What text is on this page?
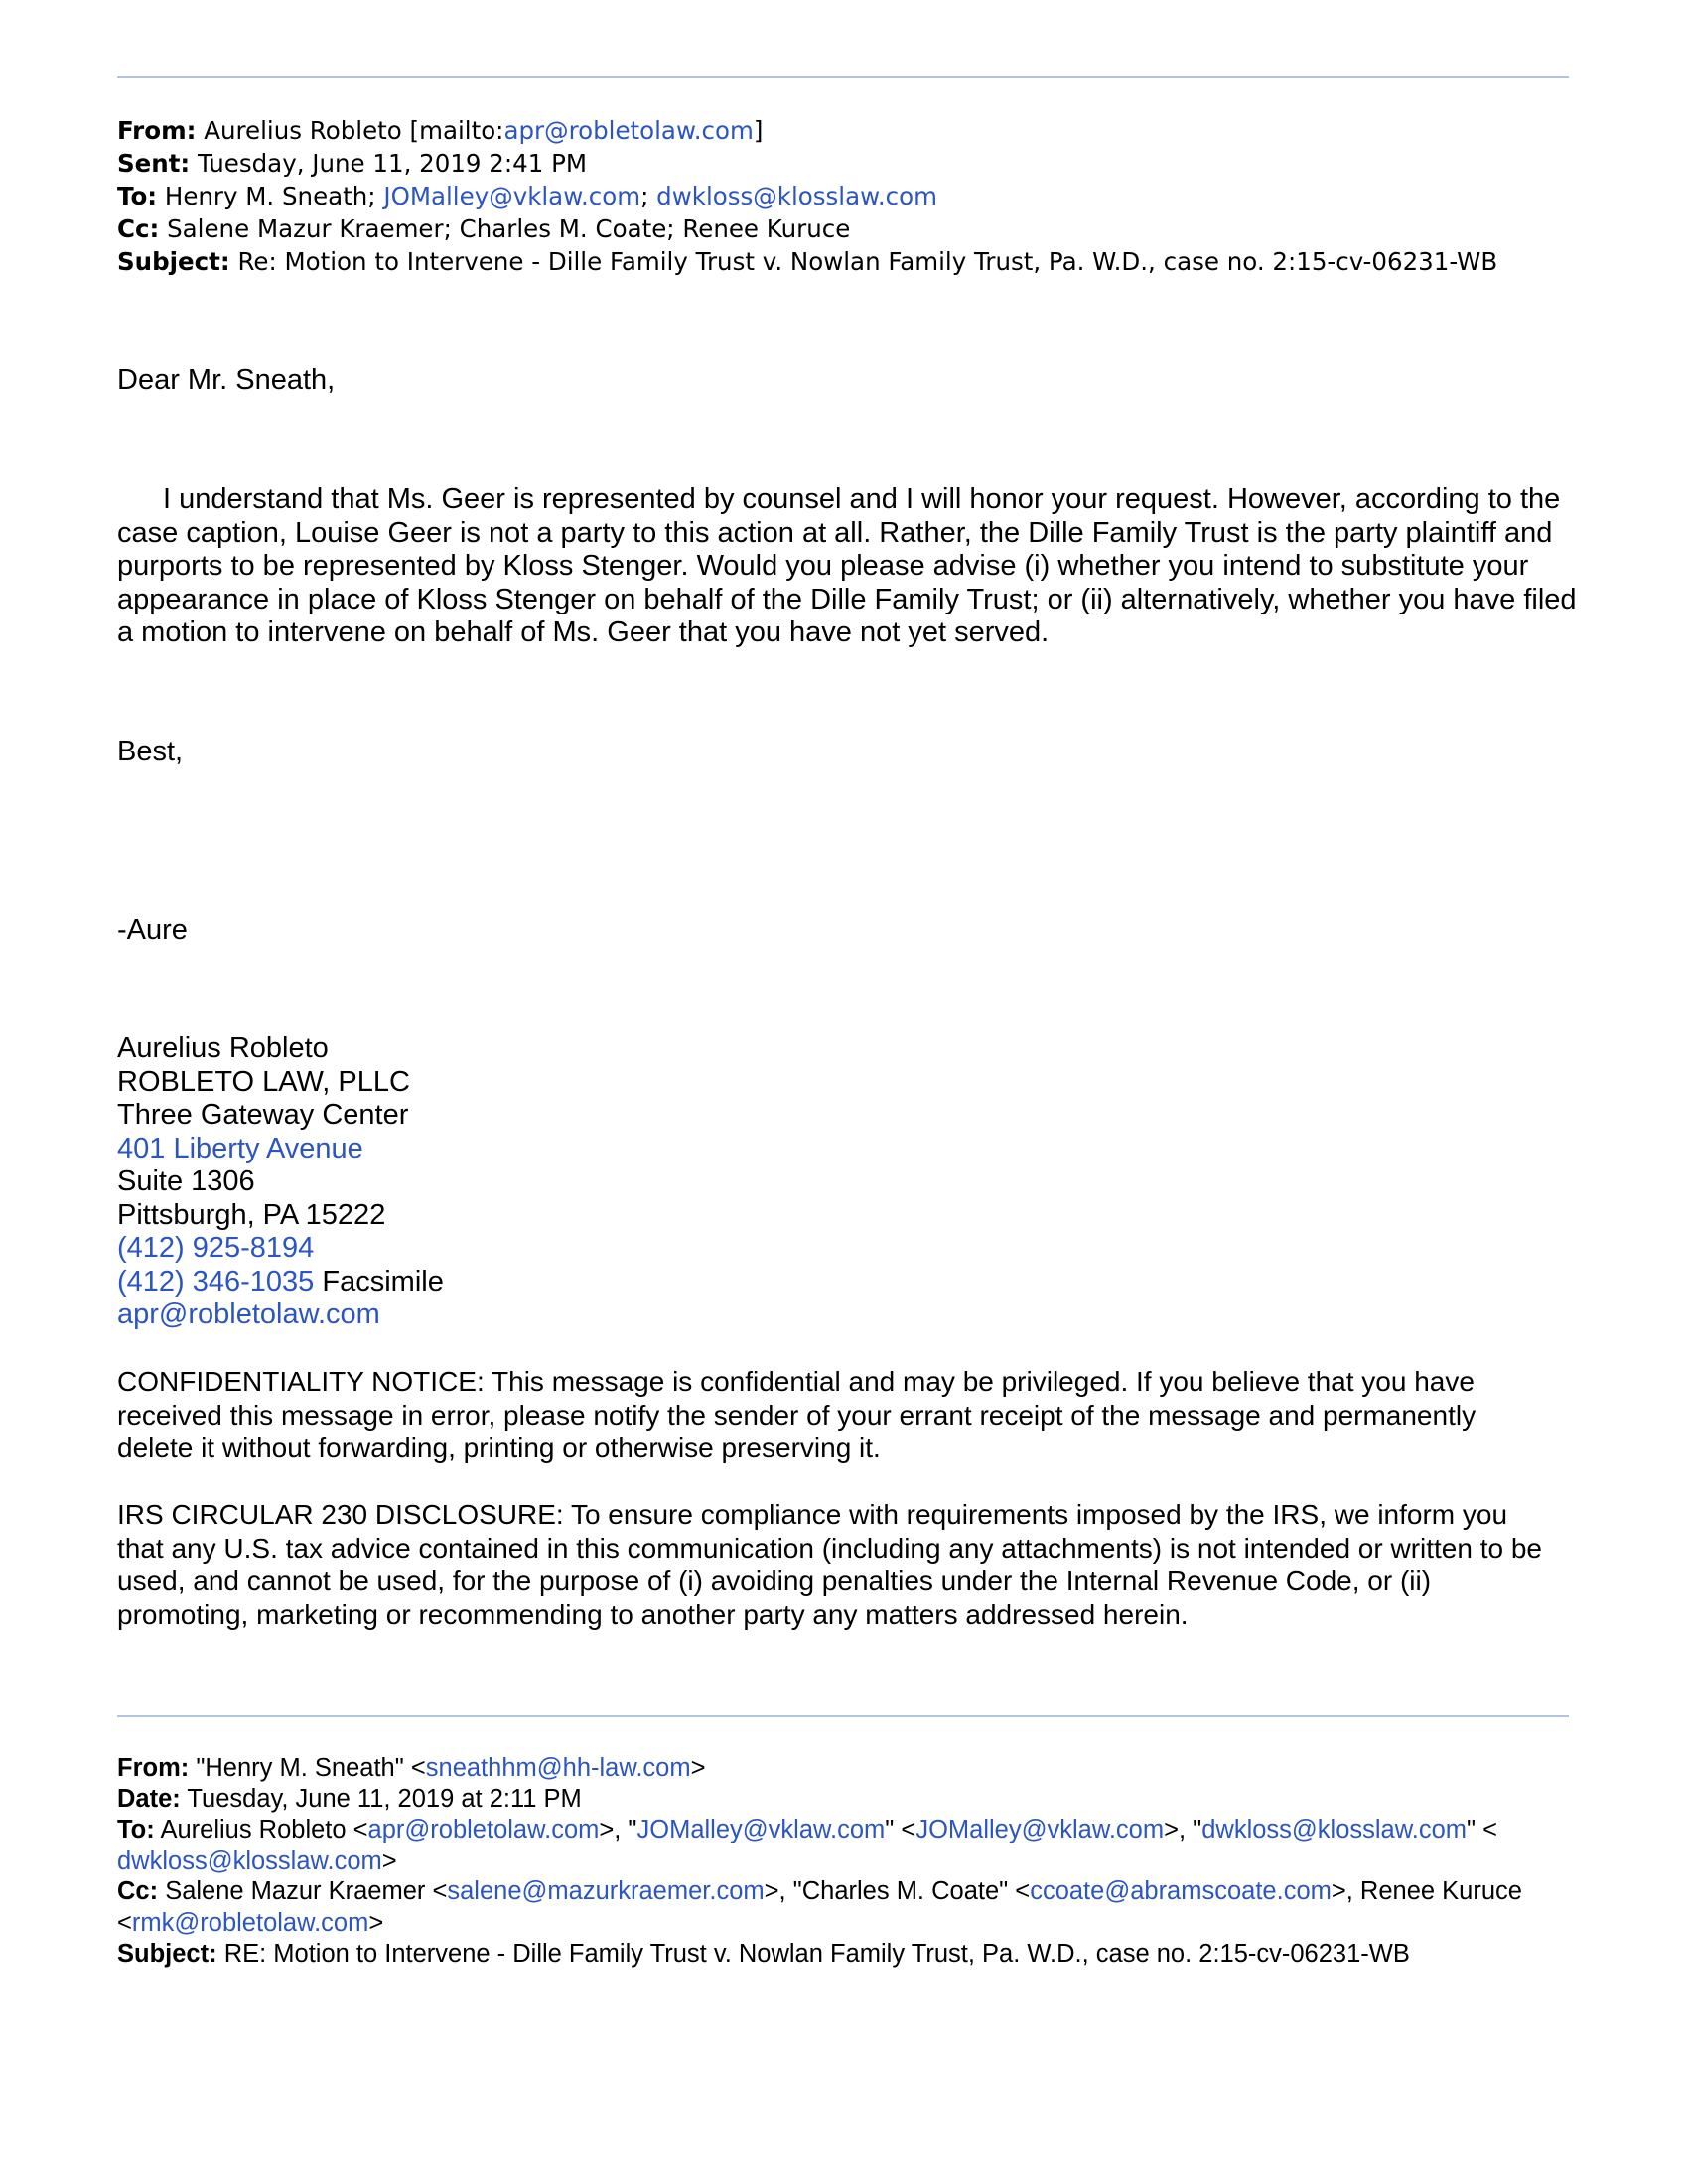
From: Aurelius Robleto [mailto:apr@robletolaw.com]
Sent: Tuesday, June 11, 2019 2:41 PM
To: Henry M. Sneath; JOMalley@vklaw.com; dwkloss@klosslaw.com
Cc: Salene Mazur Kraemer; Charles M. Coate; Renee Kuruce
Subject: Re: Motion to Intervene - Dille Family Trust v. Nowlan Family Trust, Pa. W.D., case no. 2:15-cv-06231-WB
Dear Mr. Sneath,
I understand that Ms. Geer is represented by counsel and I will honor your request. However, according to the case caption, Louise Geer is not a party to this action at all. Rather, the Dille Family Trust is the party plaintiff and purports to be represented by Kloss Stenger. Would you please advise (i) whether you intend to substitute your appearance in place of Kloss Stenger on behalf of the Dille Family Trust; or (ii) alternatively, whether you have filed a motion to intervene on behalf of Ms. Geer that you have not yet served.
Best,
-Aure
Aurelius Robleto
ROBLETO LAW, PLLC
Three Gateway Center
401 Liberty Avenue
Suite 1306
Pittsburgh, PA 15222
(412) 925-8194
(412) 346-1035 Facsimile
apr@robletolaw.com
CONFIDENTIALITY NOTICE: This message is confidential and may be privileged. If you believe that you have received this message in error, please notify the sender of your errant receipt of the message and permanently delete it without forwarding, printing or otherwise preserving it.
IRS CIRCULAR 230 DISCLOSURE: To ensure compliance with requirements imposed by the IRS, we inform you that any U.S. tax advice contained in this communication (including any attachments) is not intended or written to be used, and cannot be used, for the purpose of (i) avoiding penalties under the Internal Revenue Code, or (ii) promoting, marketing or recommending to another party any matters addressed herein.
From: "Henry M. Sneath" <sneathhm@hh-law.com>
Date: Tuesday, June 11, 2019 at 2:11 PM
To: Aurelius Robleto <apr@robletolaw.com>, "JOMalley@vklaw.com" <JOMalley@vklaw.com>, "dwkloss@klosslaw.com" <
dwkloss@klosslaw.com>
Cc: Salene Mazur Kraemer <salene@mazurkraemer.com>, "Charles M. Coate" <ccoate@abramscoate.com>, Renee Kuruce <rmk@robletolaw.com>
Subject: RE: Motion to Intervene - Dille Family Trust v. Nowlan Family Trust, Pa. W.D., case no. 2:15-cv-06231-WB
